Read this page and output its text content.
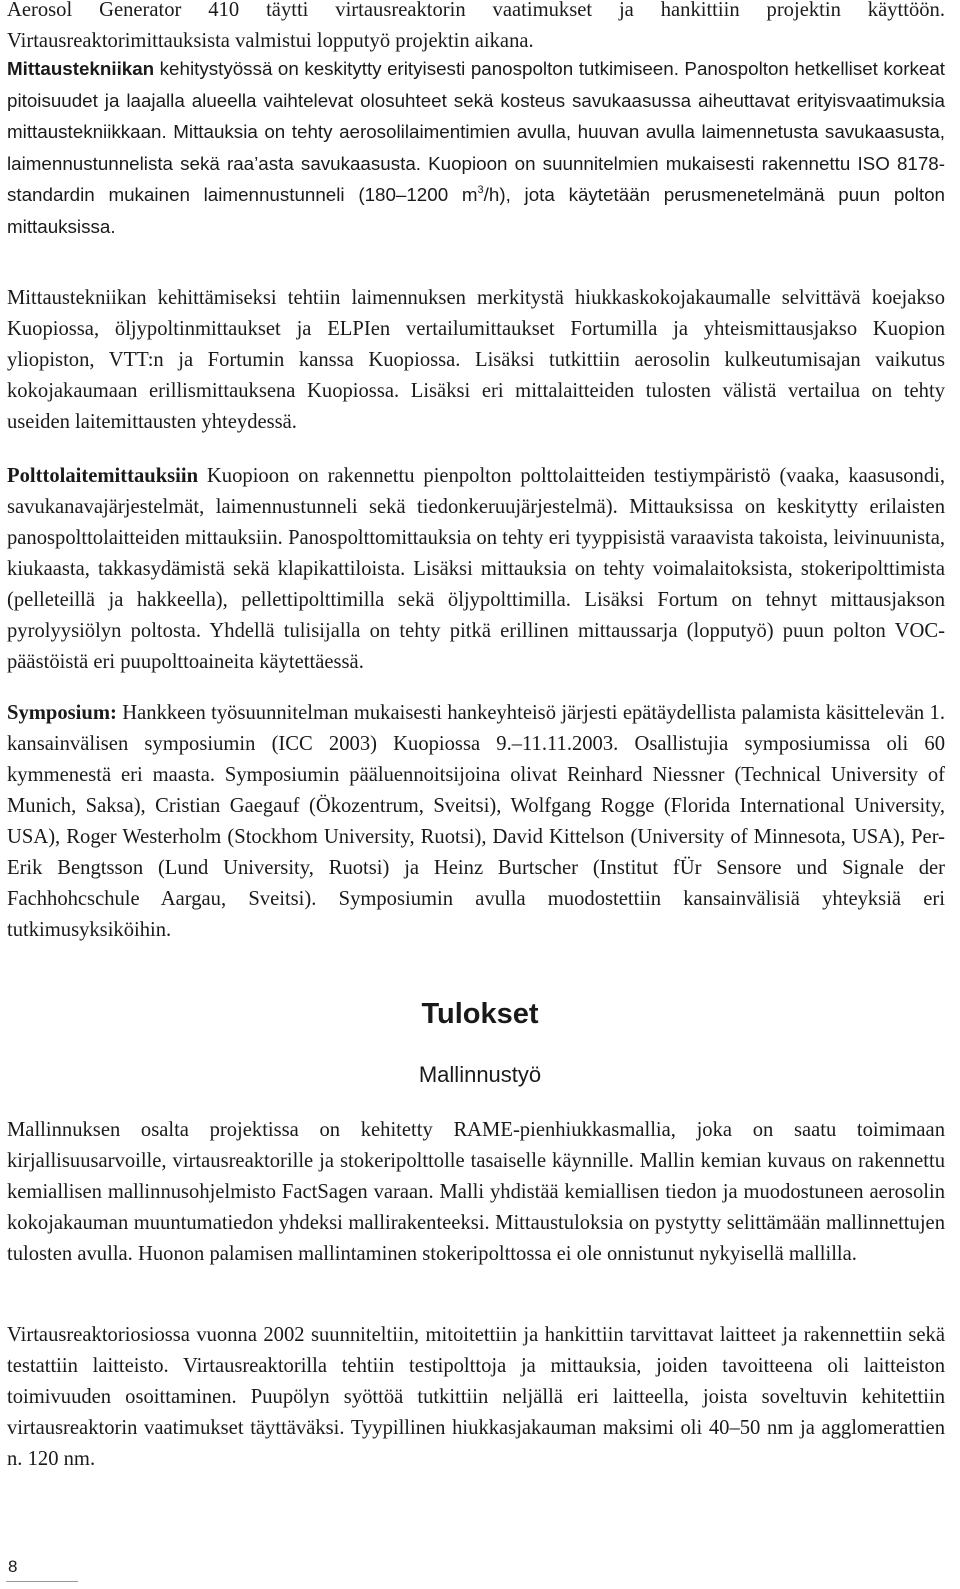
Aerosol Generator 410 täytti virtausreaktorin vaatimukset ja hankittiin projektin käyttöön. Virtausreaktorimittauksista valmistui lopputyö projektin aikana.

Mittaustekniikan kehitystyössä on keskitytty erityisesti panospolton tutkimiseen. Panospolton hetkelliset korkeat pitoisuudet ja laajalla alueella vaihtelevat olosuhteet sekä kosteus savukaasussa aiheuttavat erityisvaatimuksia mittaustekniikkaan. Mittauksia on tehty aerosolilaimentimien avulla, huuvan avulla laimennetusta savukaasusta, laimennustunnelista sekä raa’asta savukaasusta. Kuopioon on suunnitelmien mukaisesti rakennettu ISO 8178-standardin mukainen laimennustunneli (180–1200 $m^3/h$), jota käytetään perusmenetelmänä puun polton mittauksissa.

Mittaustekniikan kehittämiseksi tehtiin laimennuksen merkitystä hiukkaskokojakaumalle selvittävä koejakso Kuopiossa, öljypoltinmittaukset ja ELPIen vertailumittaukset Fortumilla ja yhteismittausjakso Kuopion yliopiston, VTT:n ja Fortumin kanssa Kuopiossa. Lisäksi tutkittiin aerosolin kulkeutumisajan vaikutus kokojakaumaan erillismittauksena Kuopiossa. Lisäksi eri mittalaitteiden tulosten välistä vertailua on tehty useiden laitemittausten yhteydessä.

Polttolaitemittauksiin Kuopioon on rakennettu pienpolton polttolaitteiden testiympäristö (vaaka, kaasusondi, savukanavajärjestelmät, laimennustunneli sekä tiedonkeruujärjestelmä). Mittauksissa on keskitytty erilaisten panospolttolaitteiden mittauksiin. Panospolttomittauksia on tehty eri tyyppisistä varaavista takoista, leivinuunista, kiukaasta, takkasydämistä sekä klapikattiloista. Lisäksi mittauksia on tehty voimalaitoksista, stokeripolttimista (pelleteillä ja hakkeella), pellettipolttimilla sekä öljypolttimilla. Lisäksi Fortum on tehnyt mittausjakson pyrolyysiölyn poltosta. Yhdellä tulisijalla on tehty pitkä erillinen mittaussarja (lopputyö) puun polton VOC-päästöistä eri puupolttoaineita käytettäessä.

Symposium: Hankkeen työsuunnitelman mukaisesti hankeyhteisö järjesti epätäydellista palamista käsittelevän 1. kansainvälisen symposiumin (ICC 2003) Kuopiossa 9.–11.11.2003. Osallistujia symposiumissa oli 60 kymmenestä eri maasta. Symposiumin pääluennoitsijoina olivat Reinhard Niessner (Technical University of Munich, Saksa), Cristian Gaegauf (Ökozentrum, Sveitsi), Wolfgang Rogge (Florida International University, USA), Roger Westerholm (Stockhom University, Ruotsi), David Kittelson (University of Minnesota, USA), Per-Erik Bengtsson (Lund University, Ruotsi) ja Heinz Burtscher (Institut fÜr Sensore und Signale der Fachhohcschule Aargau, Sveitsi). Symposiumin avulla muodostettiin kansainvälisiä yhteyksiä eri tutkimusyksiköihin.

Tulokset
Mallinnustyö

Mallinnuksen osalta projektissa on kehitetty RAME-pienhiukkasmallia, joka on saatu toimimaan kirjallisuusarvoille, virtausreaktorille ja stokeripolttolle tasaiselle käynnille. Mallin kemian kuvaus on rakennettu kemiallisen mallinnusohjelmisto FactSagen varaan. Malli yhdistää kemiallisen tiedon ja muodostuneen aerosolin kokojakauman muuntumatiedon yhdeksi mallirakenteeksi. Mittaustuloksia on pystytty selittämään mallinnettujen tulosten avulla. Huonon palamisen mallintaminen stokeripolttossa ei ole onnistunut nykyisellä mallilla.

Virtausreaktoriosiossa vuonna 2002 suunniteltiin, mitoitettiin ja hankittiin tarvittavat laitteet ja rakennettiin sekä testattiin laitteisto. Virtausreaktorilla tehtiin testipolttoja ja mittauksia, joiden tavoitteena oli laitteiston toimivuuden osoittaminen. Puupölyn syöttöä tutkittiin neljällä eri laitteella, joista soveltuvin kehitettiin virtausreaktorin vaatimukset täyttäväksi. Tyypillinen hiukkasjakauman maksimi oli 40–50 nm ja agglomerattien n. 120 nm.

8
